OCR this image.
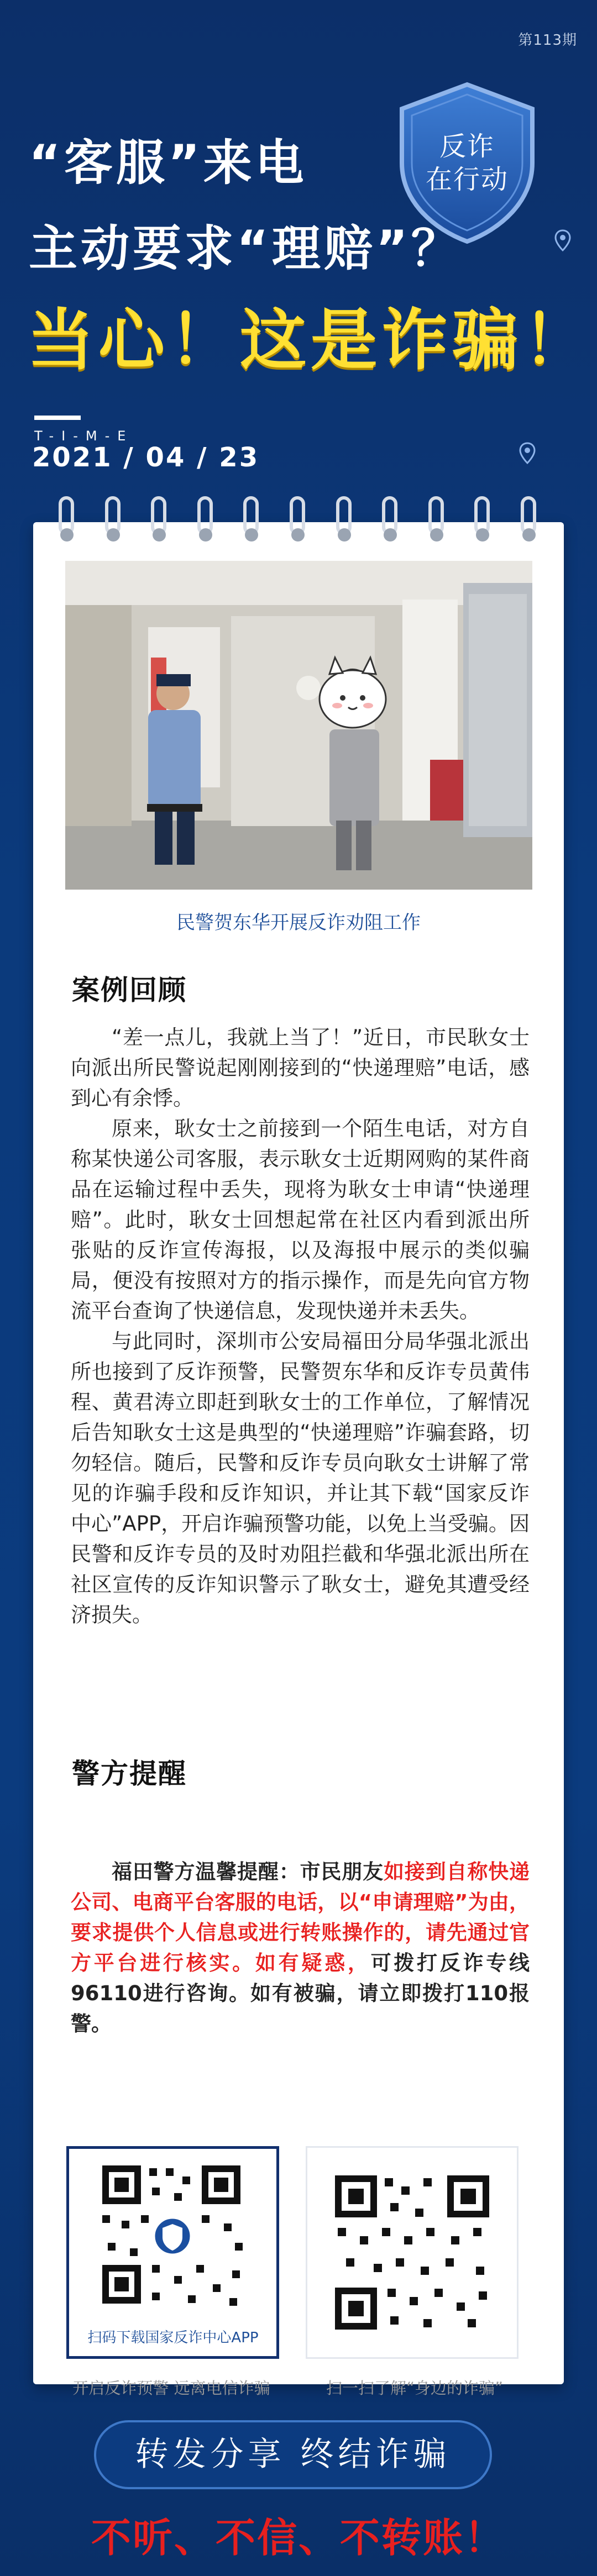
第113期
反诈
在行动
“客服”来电
主动要求“理赔”？
当心！这是诈骗！
T-I-M-E
2021 / 04 / 23
民警贺东华开展反诈劝阻工作
案例回顾

“差一点儿，我就上当了！”近日，市民耿女士向派出所民警说起刚刚接到的“快递理赔”电话，感到心有余悸。

原来，耿女士之前接到一个陌生电话，对方自称某快递公司客服，表示耿女士近期网购的某件商品在运输过程中丢失，现将为耿女士申请“快递理赔”。此时，耿女士回想起常在社区内看到派出所张贴的反诈宣传海报，以及海报中展示的类似骗局，便没有按照对方的指示操作，而是先向官方物流平台查询了快递信息，发现快递并未丢失。

与此同时，深圳市公安局福田分局华强北派出所也接到了反诈预警，民警贺东华和反诈专员黄伟程、黄君涛立即赶到耿女士的工作单位，了解情况后告知耿女士这是典型的“快递理赔”诈骗套路，切勿轻信。随后，民警和反诈专员向耿女士讲解了常见的诈骗手段和反诈知识，并让其下载“国家反诈中心”APP，开启诈骗预警功能，以免上当受骗。因民警和反诈专员的及时劝阻拦截和华强北派出所在社区宣传的反诈知识警示了耿女士，避免其遭受经济损失。

警方提醒

福田警方温馨提醒：市民朋友如接到自称快递公司、电商平台客服的电话，以“申请理赔”为由，要求提供个人信息或进行转账操作的，请先通过官方平台进行核实。如有疑惑，可拨打反诈专线96110进行咨询。如有被骗，请立即拨打110报警。

扫码下载国家反诈中心APP
开启反诈预警 远离电信诈骗	扫一扫了解“身边的诈骗”
转发分享 终结诈骗
不听、不信、不转账！
